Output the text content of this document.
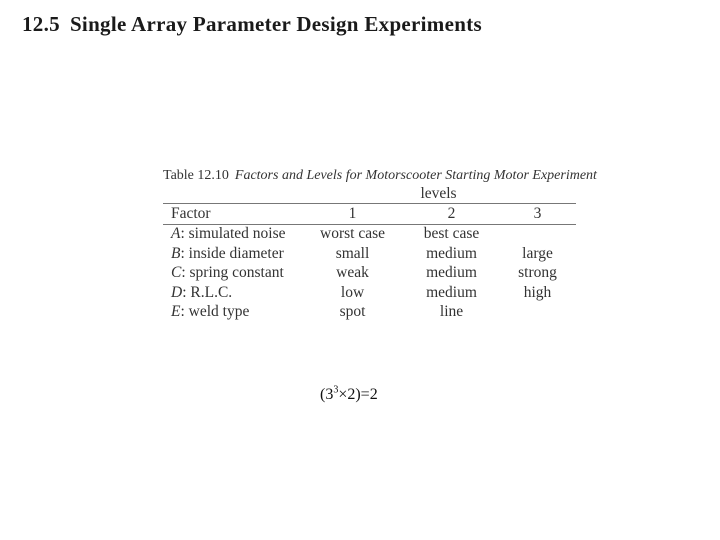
12.5 Single Array Parameter Design Experiments
Table 12.10 Factors and Levels for Motorscooter Starting Motor Experiment
	levels		
Factor	1	2	3
A: simulated noise	worst case	best case	
B: inside diameter	small	medium	large
C: spring constant	weak	medium	strong
D: R.L.C.	low	medium	high
E: weld type	spot	line	
$(3^3\times 2)=2$
